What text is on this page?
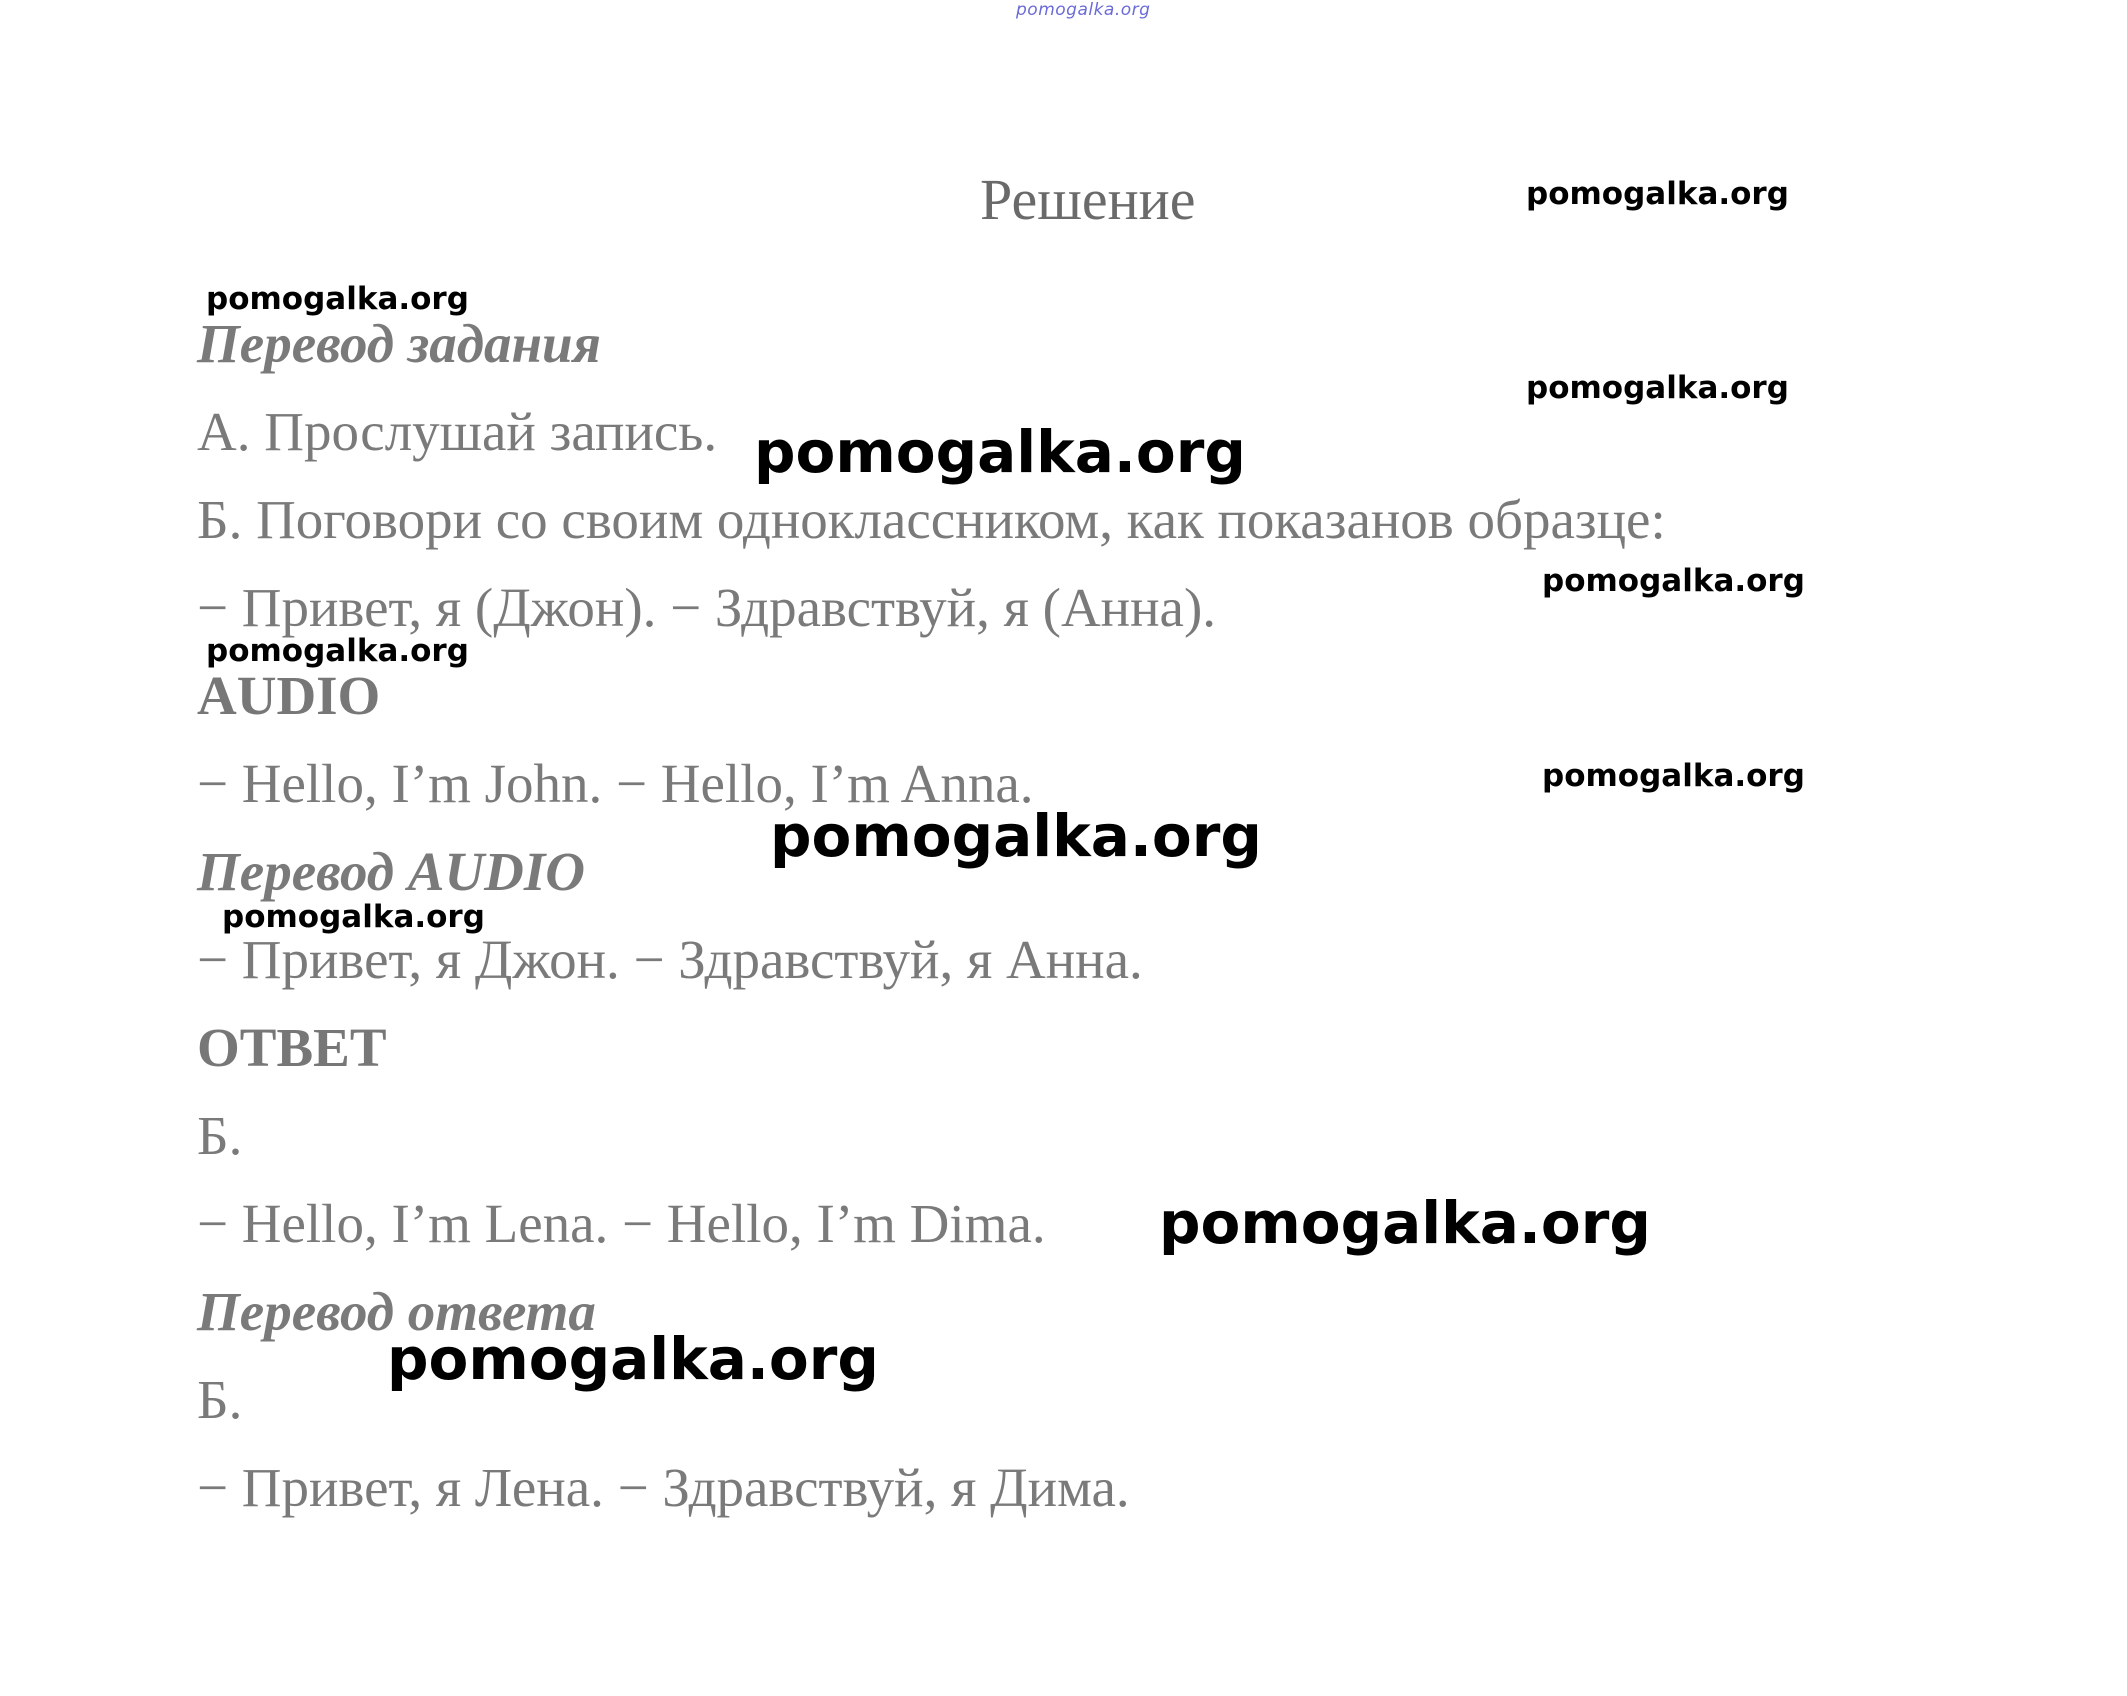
pomogalka.org
Решение
Перевод задания
А. Прослушай запись.
Б. Поговори со своим одноклассником, как показанов образце:
− Привет, я (Джон). − Здравствуй, я (Анна).
AUDIO
− Hello, I’m John. − Hello, I’m Anna.
Перевод AUDIO
− Привет, я Джон. − Здравствуй, я Анна.
ОТВЕТ
Б.
− Hello, I’m Lena. − Hello, I’m Dima.
Перевод ответа
Б.
− Привет, я Лена. − Здравствуй, я Дима.
pomogalka.org
pomogalka.org
pomogalka.org
pomogalka.org
pomogalka.org
pomogalka.org
pomogalka.org
pomogalka.org
pomogalka.org
pomogalka.org
pomogalka.org
